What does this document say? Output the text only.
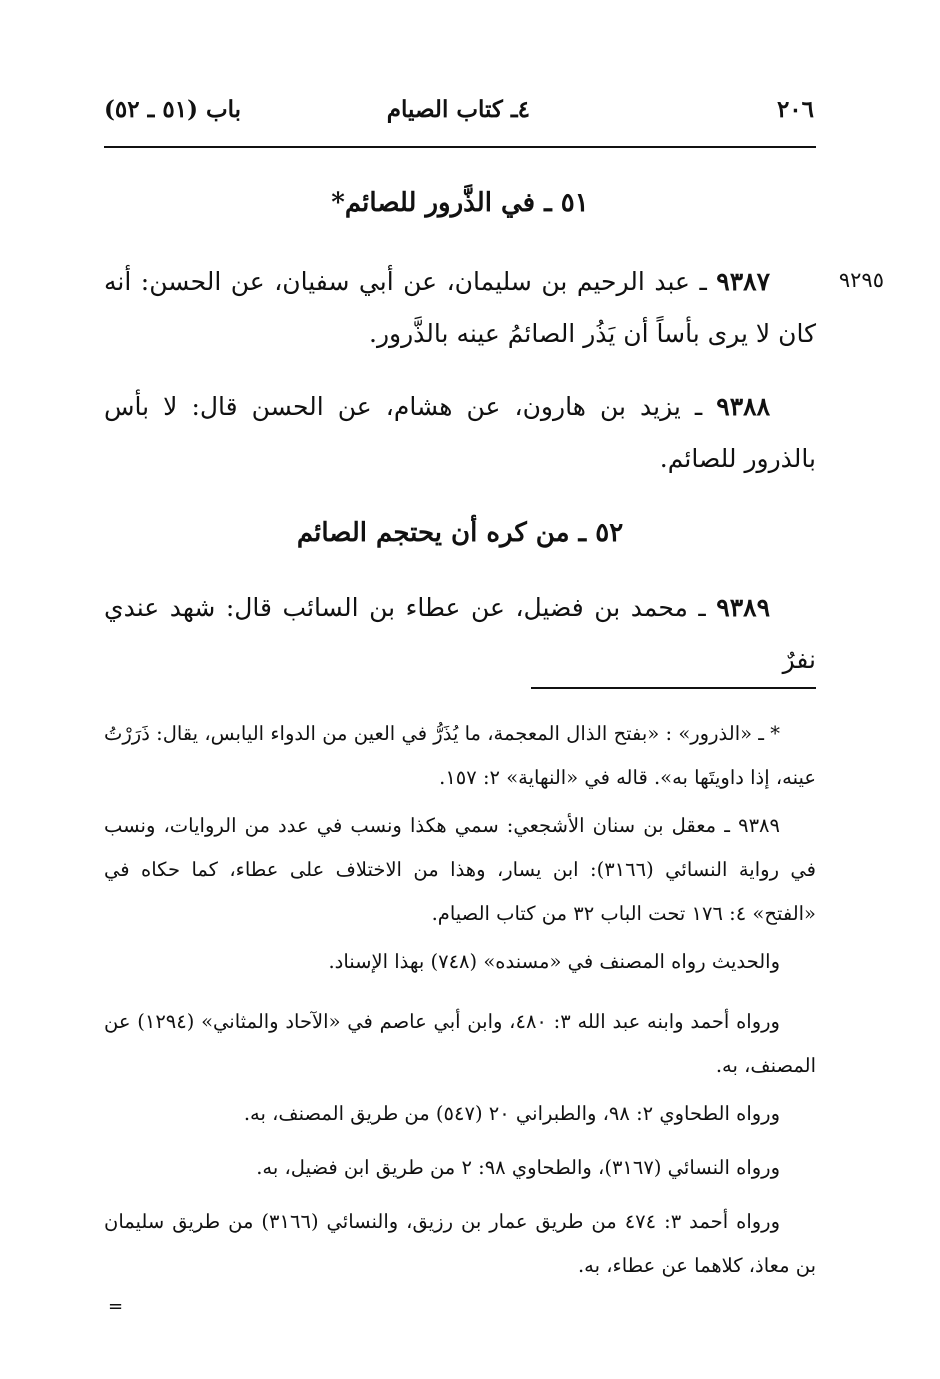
٢٠٦
٤ـ كتاب الصيام
باب (٥١ ـ ٥٢)
٥١ ـ في الذَّرور للصائم*
٩٢٩٥
٩٣٨٧ ـ عبد الرحيم بن سليمان، عن أبي سفيان، عن الحسن: أنه كان لا يرى بأساً أن يَذُر الصائمُ عينه بالذَّرور.
٩٣٨٨ ـ يزيد بن هارون، عن هشام، عن الحسن قال: لا بأس بالذرور للصائم.
٥٢ ـ من كره أن يحتجم الصائم
٩٣٨٩ ـ محمد بن فضيل، عن عطاء بن السائب قال: شهد عندي نفرٌ
* ـ «الذرور» : «بفتح الذال المعجمة، ما يُذَرُّ في العين من الدواء اليابس، يقال: ذَرَرْتُ عينه، إذا داويتَها به». قاله في «النهاية» ٢: ١٥٧.
٩٣٨٩ ـ معقل بن سنان الأشجعي: سمي هكذا ونسب في عدد من الروايات، ونسب في رواية النسائي (٣١٦٦): ابن يسار، وهذا من الاختلاف على عطاء، كما حكاه في «الفتح» ٤: ١٧٦ تحت الباب ٣٢ من كتاب الصيام.
والحديث رواه المصنف في «مسنده» (٧٤٨) بهذا الإسناد.
ورواه أحمد وابنه عبد الله ٣: ٤٨٠، وابن أبي عاصم في «الآحاد والمثاني» (١٢٩٤) عن المصنف، به.
ورواه الطحاوي ٢: ٩٨، والطبراني ٢٠ (٥٤٧) من طريق المصنف، به.
ورواه النسائي (٣١٦٧)، والطحاوي ٩٨: ٢ من طريق ابن فضيل، به.
ورواه أحمد ٣: ٤٧٤ من طريق عمار بن رزيق، والنسائي (٣١٦٦) من طريق سليمان بن معاذ، كلاهما عن عطاء، به.
=
